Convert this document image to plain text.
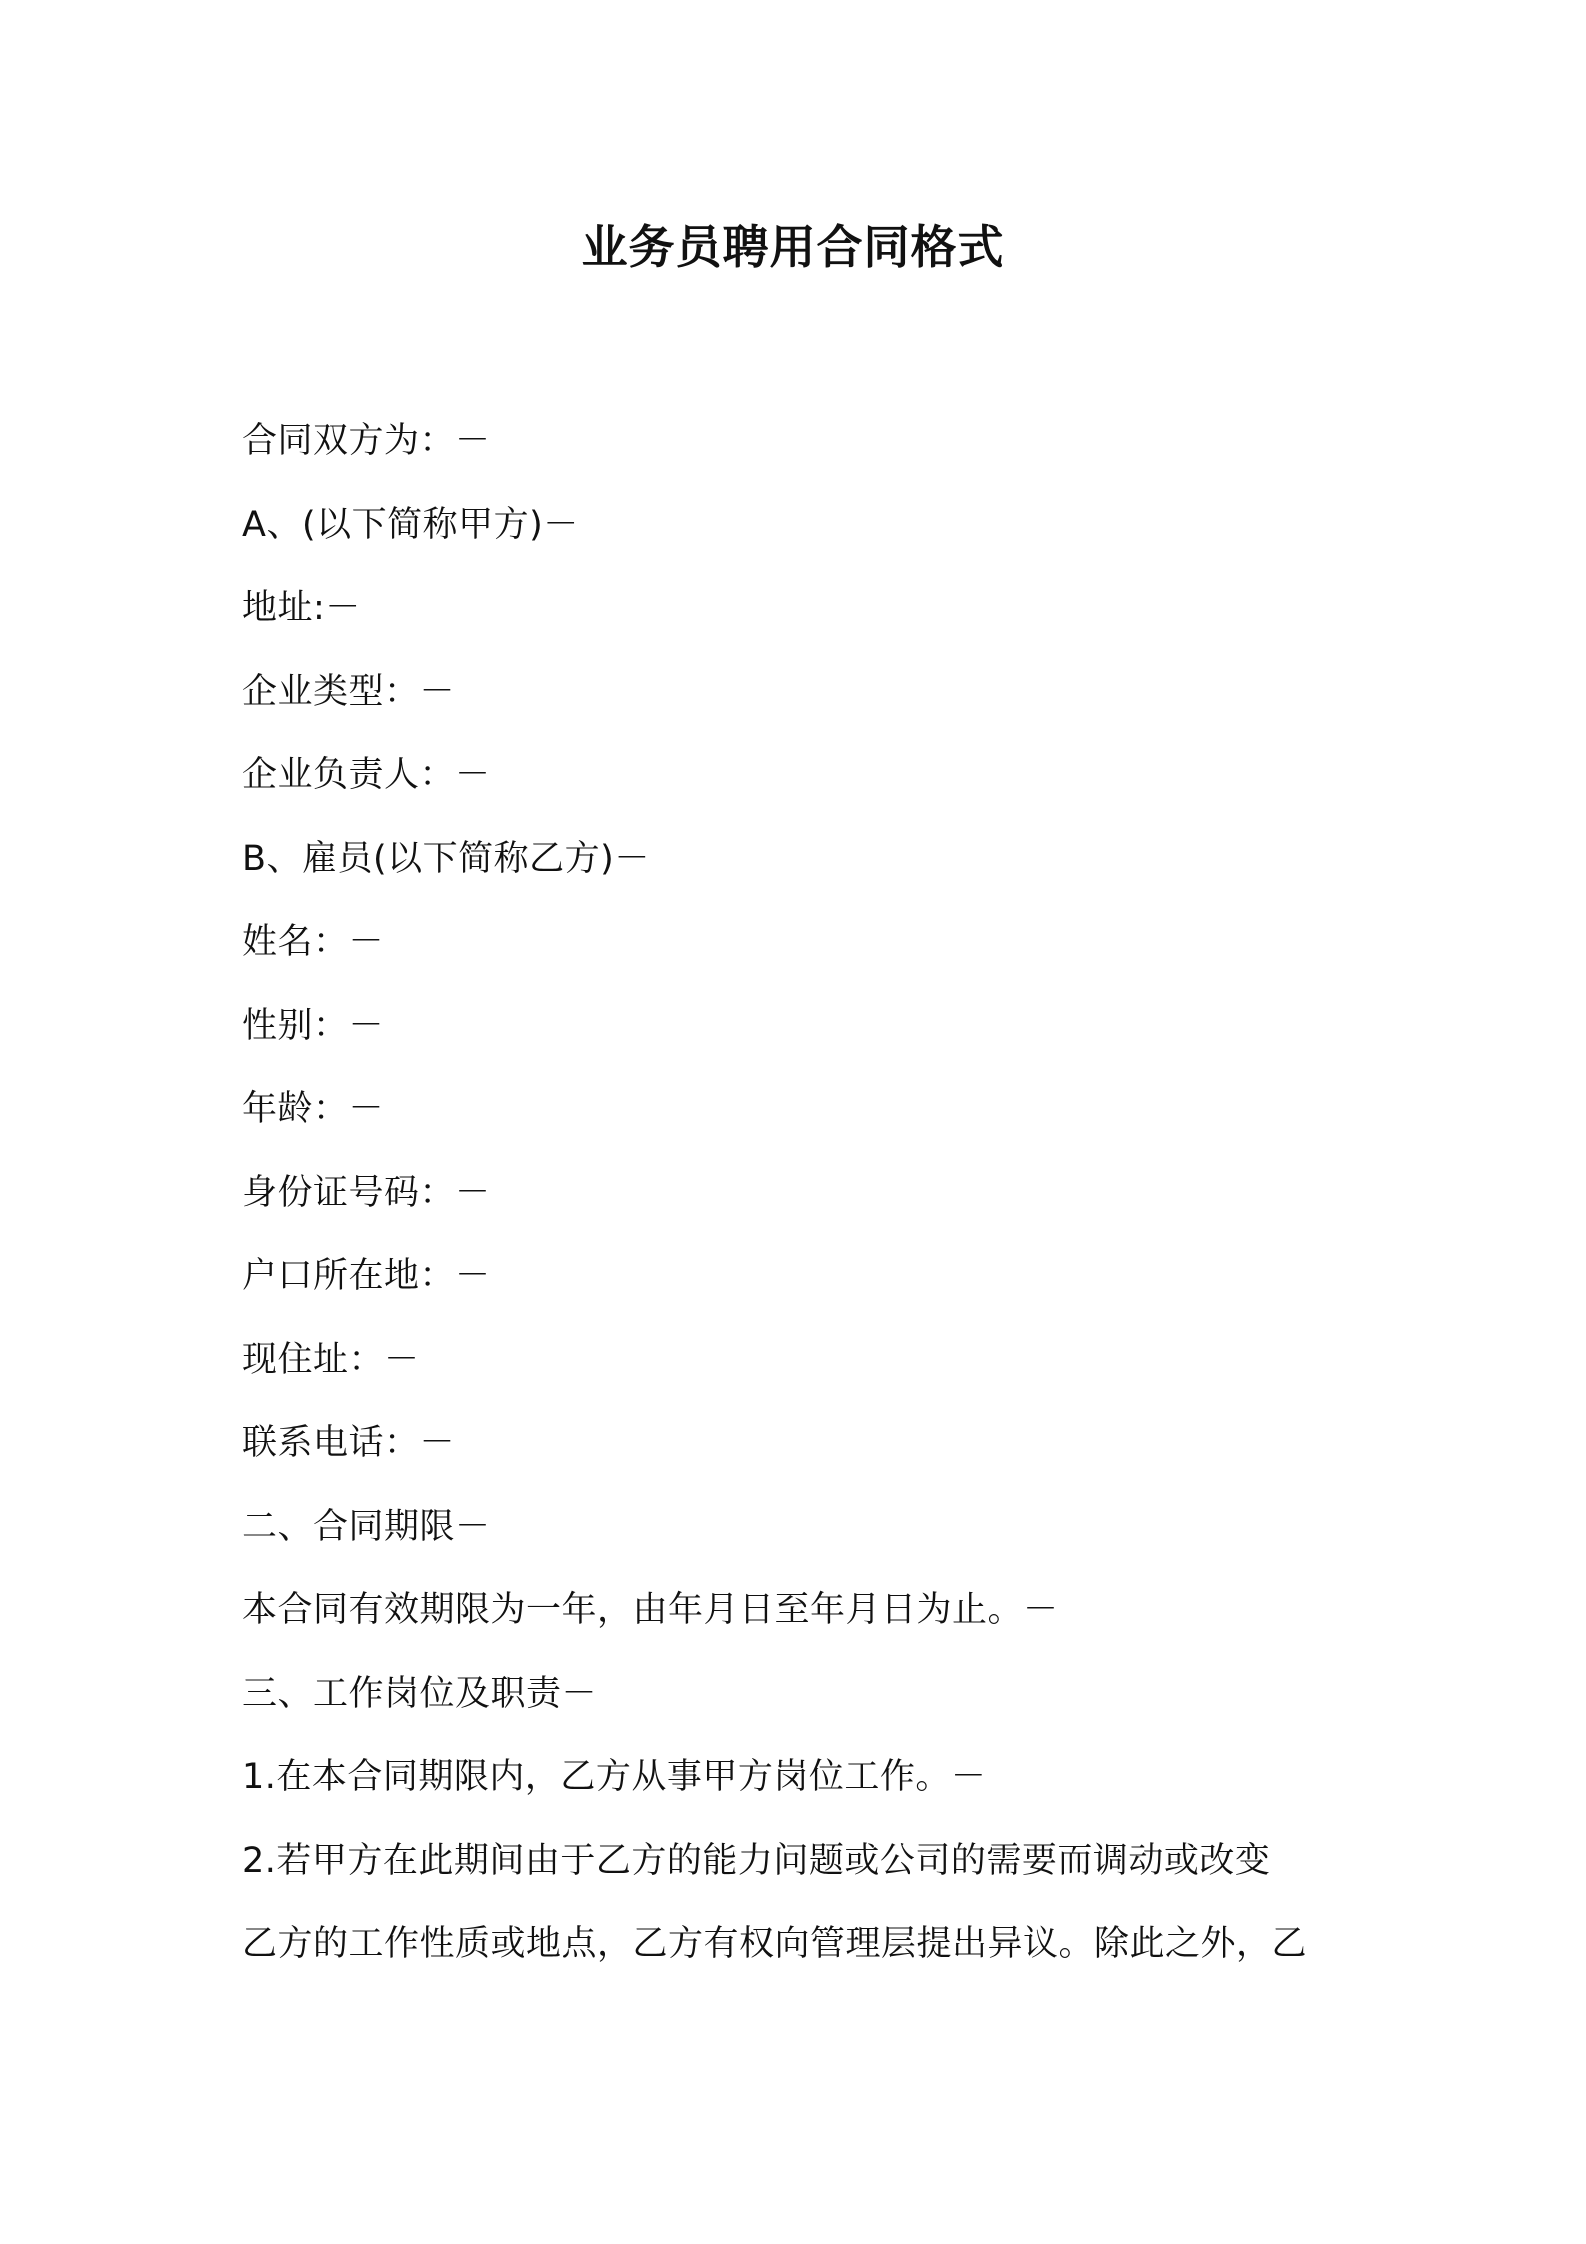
业务员聘用合同格式
合同双方为：－
A、(以下简称甲方)－
地址:－
企业类型：－
企业负责人：－
B、雇员(以下简称乙方)－
姓名：－
性别：－
年龄：－
身份证号码：－
户口所在地：－
现住址：－
联系电话：－
二、合同期限－
本合同有效期限为一年，由年月日至年月日为止。－
三、工作岗位及职责－
1.在本合同期限内，乙方从事甲方岗位工作。－
2.若甲方在此期间由于乙方的能力问题或公司的需要而调动或改变
乙方的工作性质或地点，乙方有权向管理层提出异议。除此之外，乙
